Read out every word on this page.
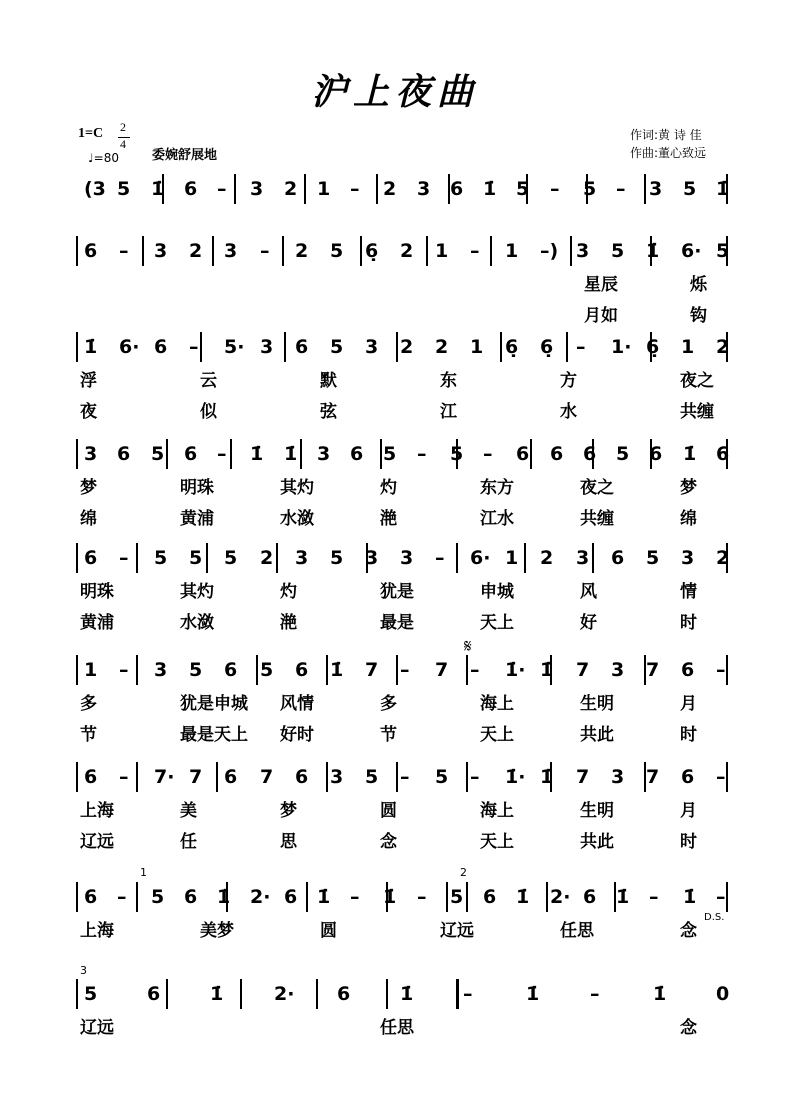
沪上夜曲
1=C 2
4
♩=80	委婉舒展地
作词:黄 诗 佳
作曲:董心致远
(3 5 1̇ 6 – 3 2 1 – 2 3 6 1̇ 5 – 5 – 3 5 1̇
6 – 3 2 3 – 2 5 6̣ 2 1 – 1 –) 3 5 1̇ 6· 5
星辰	烁
月如	钩
1̇ 6· 6 – 5· 3 6 5 3 2 2 1 6̣ 6̣ – 1· 6̣ 1 2
浮	云	默	东	方	夜之
夜	似	弦	江	水	共缠
3 6 5 6 – 1̇ 1̇ 3 6 5 – 5 – 6 6 6 5 6 1̇ 6
梦	明珠	其灼	灼	东方	夜之	梦
绵	黄浦	水潋	滟	江水	共缠	绵
6 – 5 5 5 2 3 5 3 3 – 6· 1 2 3 6 5 3 2
明珠	其灼	灼	犹是	申城	风	情
黄浦	水潋	滟	最是	天上	好	时
1 – 3 5 6 5 6 1̇ 7 – 7 – 1̇· 1̇ 7 3 7 6 –
多	犹是申城 风情	多	海上	生明	月
节	最是天上 好时	节	天上	共此	时
6 – 7· 7 6 7 6 3 5 – 5 – 1̇· 1̇ 7 3 7 6 –
上海	美	梦	圆	海上	生明	月
辽远	任	思	念	天上	共此	时
6 – 5 6 1̇ 2· 6 1̇ – 1̇ – 5 6 1̇ 2· 6 1̇ – 1̇ –
上海	美梦	圆	辽远	任思	念
5	6	1̇	2· 6	1̇	–	1̇	–	1̇	0
辽远	任思	念
1	2
3
𝄋
D.S.
